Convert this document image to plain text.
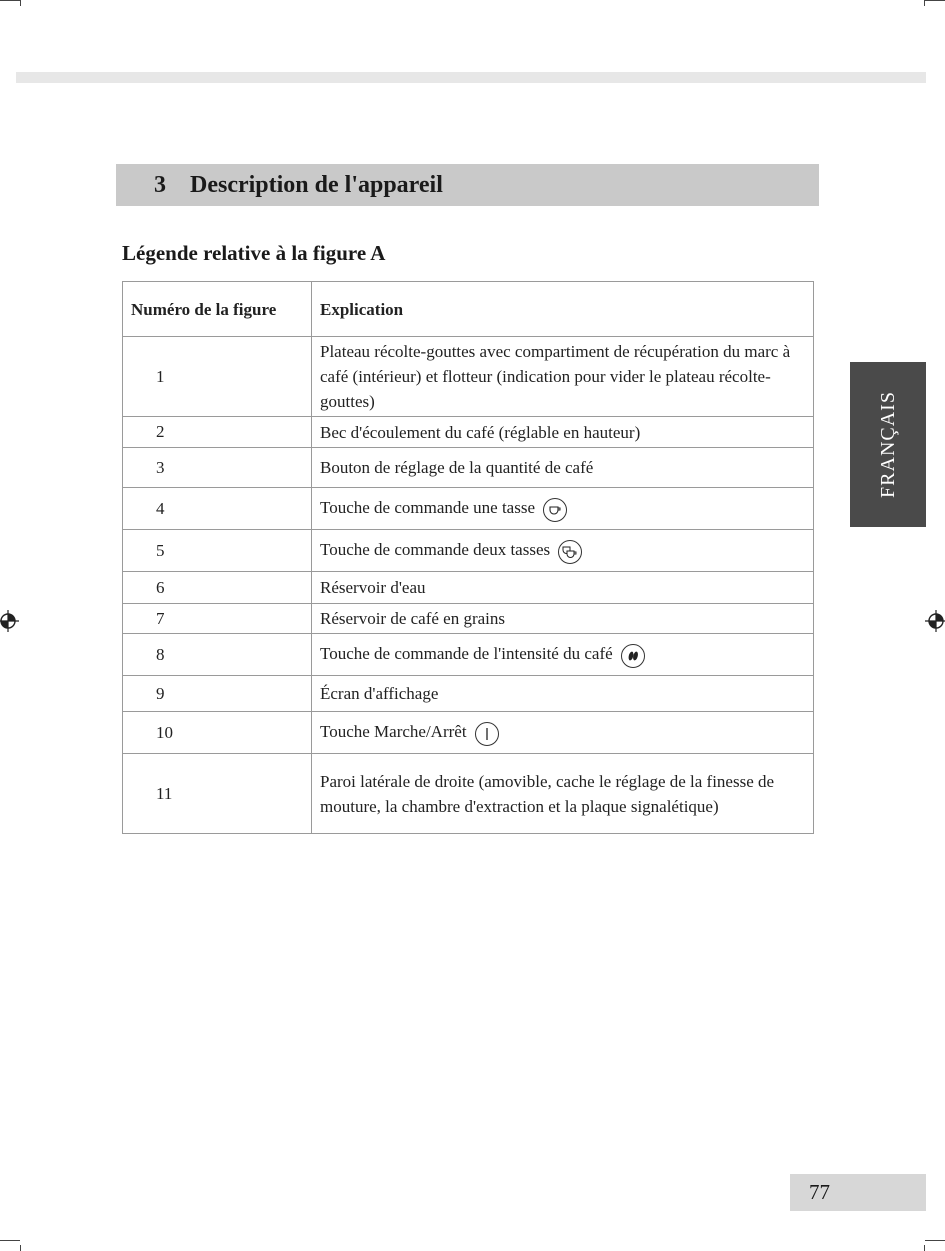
3 Description de l'appareil
Légende relative à la figure A
Numéro de la figure	Explication
1	Plateau récolte-gouttes avec compartiment de récupération du marc à café (intérieur) et flotteur (indication pour vider le plateau récolte-gouttes)
2	Bec d'écoulement du café (réglable en hauteur)
3	Bouton de réglage de la quantité de café
4	Touche de commande une tasse

5	Touche de commande deux tasses

6	Réservoir d'eau
7	Réservoir de café en grains
8	Touche de commande de l'intensité du café

9	Écran d'affichage
10	Touche Marche/Arrêt

11	Paroi latérale de droite (amovible, cache le réglage de la finesse de mouture, la chambre d'extraction et la plaque signalétique)
FRANÇAIS
77
